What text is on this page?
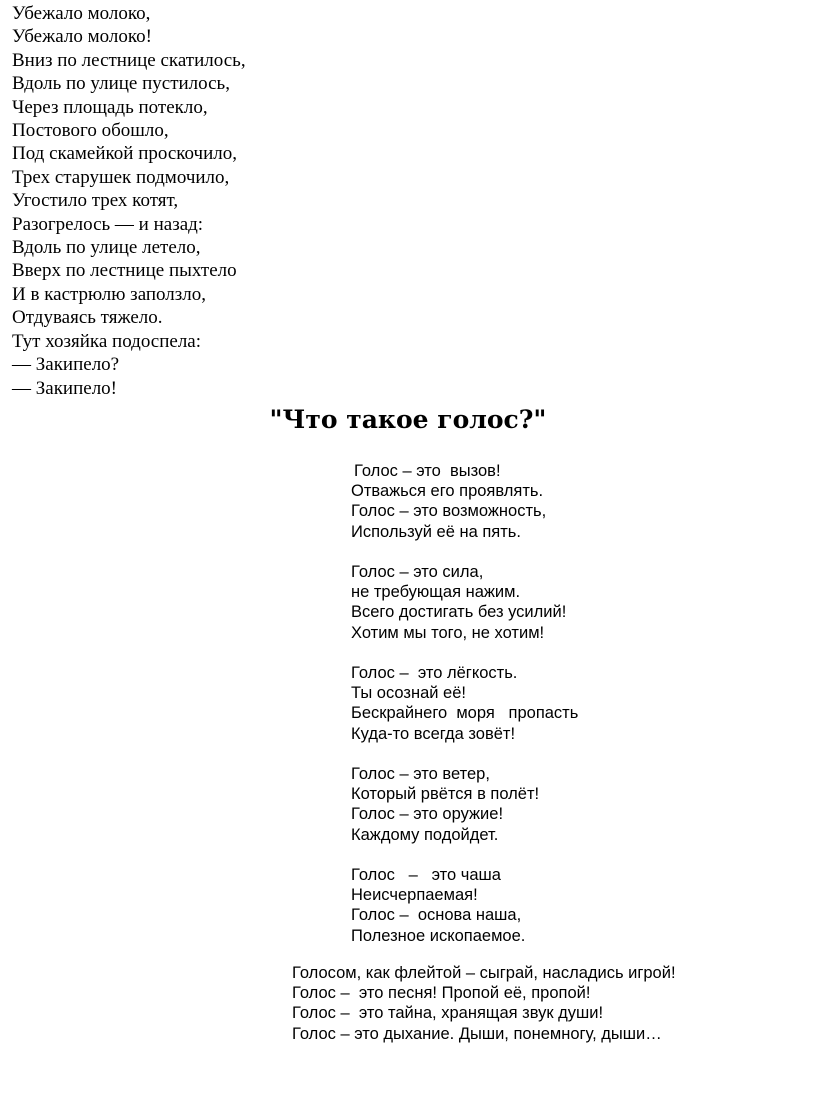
Убежало молоко,
Убежало молоко!
Вниз по лестнице скатилось,
Вдоль по улице пустилось,
Через площадь потекло,
Постового обошло,
Под скамейкой проскочило,
Трех старушек подмочило,
Угостило трех котят,
Разогрелось — и назад:
Вдоль по улице летело,
Вверх по лестнице пыхтело
И в кастрюлю заползло,
Отдуваясь тяжело.
Тут хозяйка подоспела:
— Закипело?
— Закипело!
"Что такое голос?"
Голос – это  вызов!
Отважься его проявлять.
Голос – это возможность,
Используй её на пять.
Голос – это сила,
не требующая нажим.
Всего достигать без усилий!
Хотим мы того, не хотим!
Голос –  это лёгкость.
Ты осознай её!
Бескрайнего  моря   пропасть
Куда-то всегда зовёт!
Голос – это ветер,
Который рвётся в полёт!
Голос – это оружие!
Каждому подойдет.
Голос   –   это чаша
Неисчерпаемая!
Голос –  основа наша,
Полезное ископаемое.
Голосом, как флейтой – сыграй, насладись игрой!
Голос –  это песня! Пропой её, пропой!
Голос –  это тайна, хранящая звук души!
Голос – это дыхание. Дыши, понемногу, дыши…
